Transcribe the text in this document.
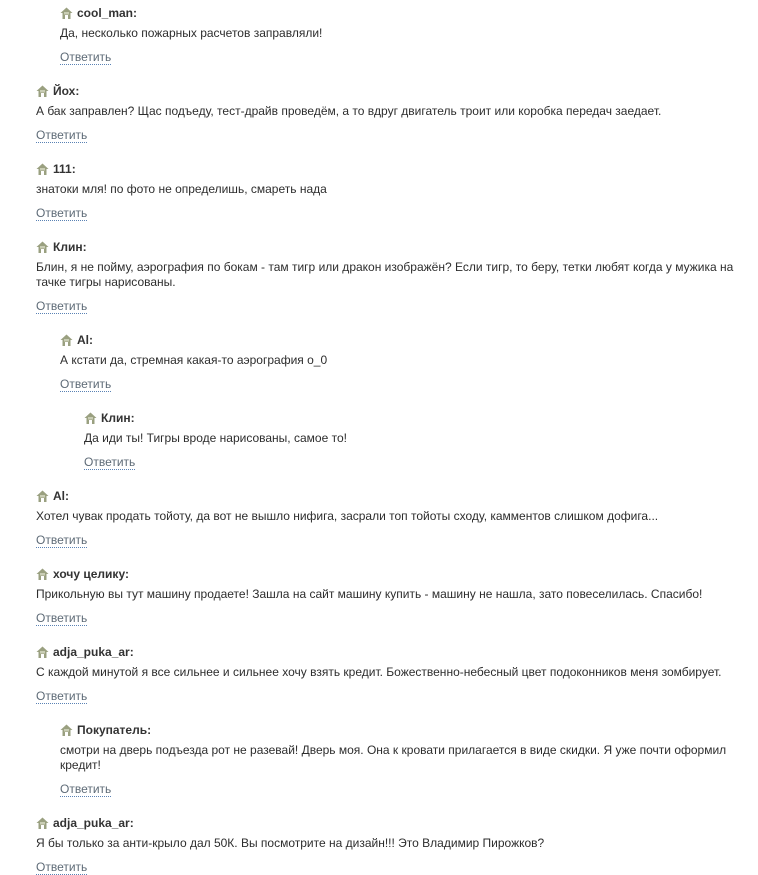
cool_man:
Да, несколько пожарных расчетов заправляли!
Ответить
Йох:
А бак заправлен? Щас подъеду, тест-драйв проведём, а то вдруг двигатель троит или коробка передач заедает.
Ответить
111:
знатоки мля! по фото не определишь, смареть нада
Ответить
Клин:
Блин, я не пойму, аэрография по бокам - там тигр или дракон изображён? Если тигр, то беру, тетки любят когда у мужика на тачке тигры нарисованы.
Ответить
Al:
А кстати да, стремная какая-то аэрография о_0
Ответить
Клин:
Да иди ты! Тигры вроде нарисованы, самое то!
Ответить
Al:
Хотел чувак продать тойоту, да вот не вышло нифига, засрали топ тойоты сходу, камментов слишком дофига...
Ответить
хочу целику:
Прикольную вы тут машину продаете! Зашла на сайт машину купить - машину не нашла, зато повеселилась. Спасибо!
Ответить
adja_puka_ar:
С каждой минутой я все сильнее и сильнее хочу взять кредит. Божественно-небесный цвет подоконников меня зомбирует.
Ответить
Покупатель:
смотри на дверь подъезда рот не разевай! Дверь моя. Она к кровати прилагается в виде скидки. Я уже почти оформил кредит!
Ответить
adja_puka_ar:
Я бы только за анти-крыло дал 50К. Вы посмотрите на дизайн!!! Это Владимир Пирожков?
Ответить
